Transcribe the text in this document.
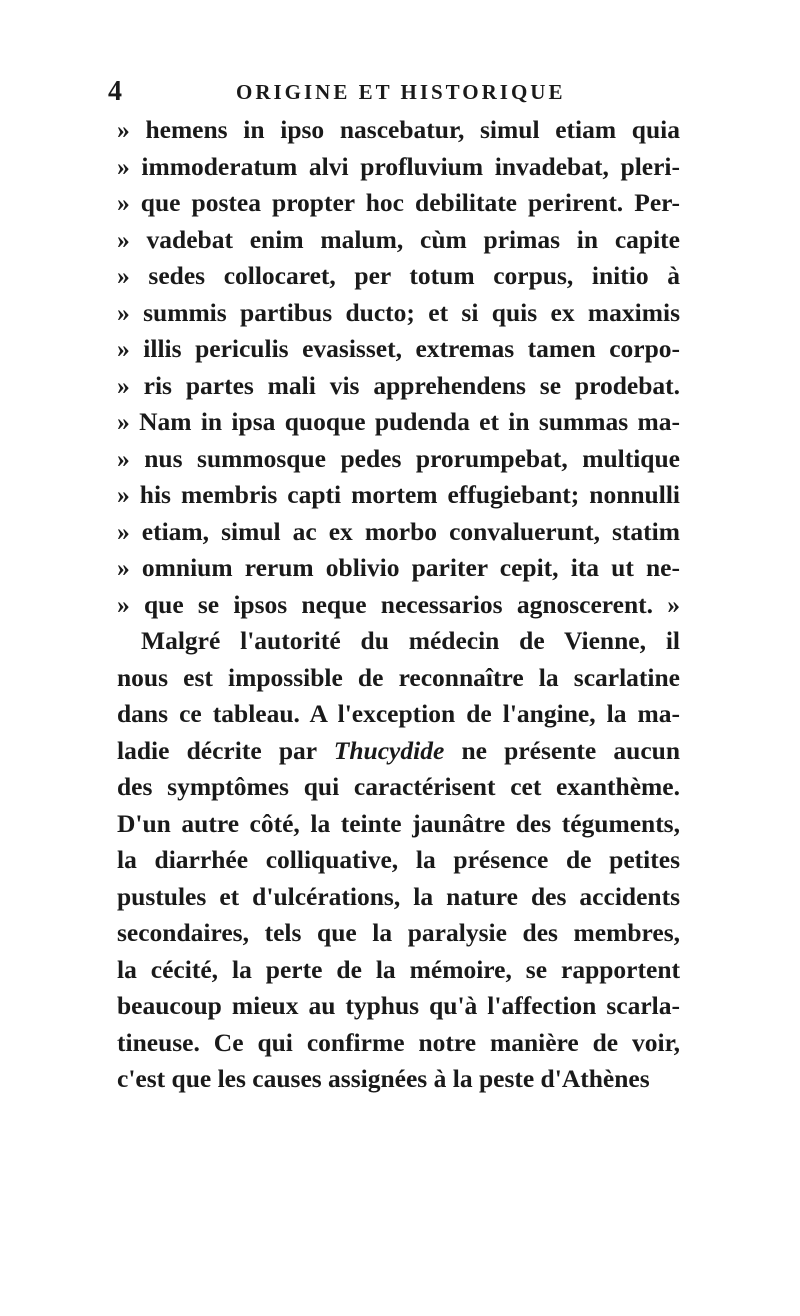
4	ORIGINE ET HISTORIQUE
» hemens in ipso nascebatur, simul etiam quia
» immoderatum alvi profluvium invadebat, pleri-
» que postea propter hoc debilitate perirent. Per-
» vadebat enim malum, cùm primas in capite
» sedes collocaret, per totum corpus, initio à
» summis partibus ducto; et si quis ex maximis
» illis periculis evasisset, extremas tamen corpo-
» ris partes mali vis apprehendens se prodebat.
» Nam in ipsa quoque pudenda et in summas ma-
» nus summosque pedes prorumpebat, multique
» his membris capti mortem effugiebant; nonnulli
» etiam, simul ac ex morbo convaluerunt, statim
» omnium rerum oblivio pariter cepit, ita ut ne-
» que se ipsos neque necessarios agnoscerent. »
Malgré l'autorité du médecin de Vienne, il
nous est impossible de reconnaître la scarlatine
dans ce tableau. A l'exception de l'angine, la ma-
ladie décrite par Thucydide ne présente aucun
des symptômes qui caractérisent cet exanthème.
D'un autre côté, la teinte jaunâtre des téguments,
la diarrhée colliquative, la présence de petites
pustules et d'ulcérations, la nature des accidents
secondaires, tels que la paralysie des membres,
la cécité, la perte de la mémoire, se rapportent
beaucoup mieux au typhus qu'à l'affection scarla-
tineuse. Ce qui confirme notre manière de voir,
c'est que les causes assignées à la peste d'Athènes
